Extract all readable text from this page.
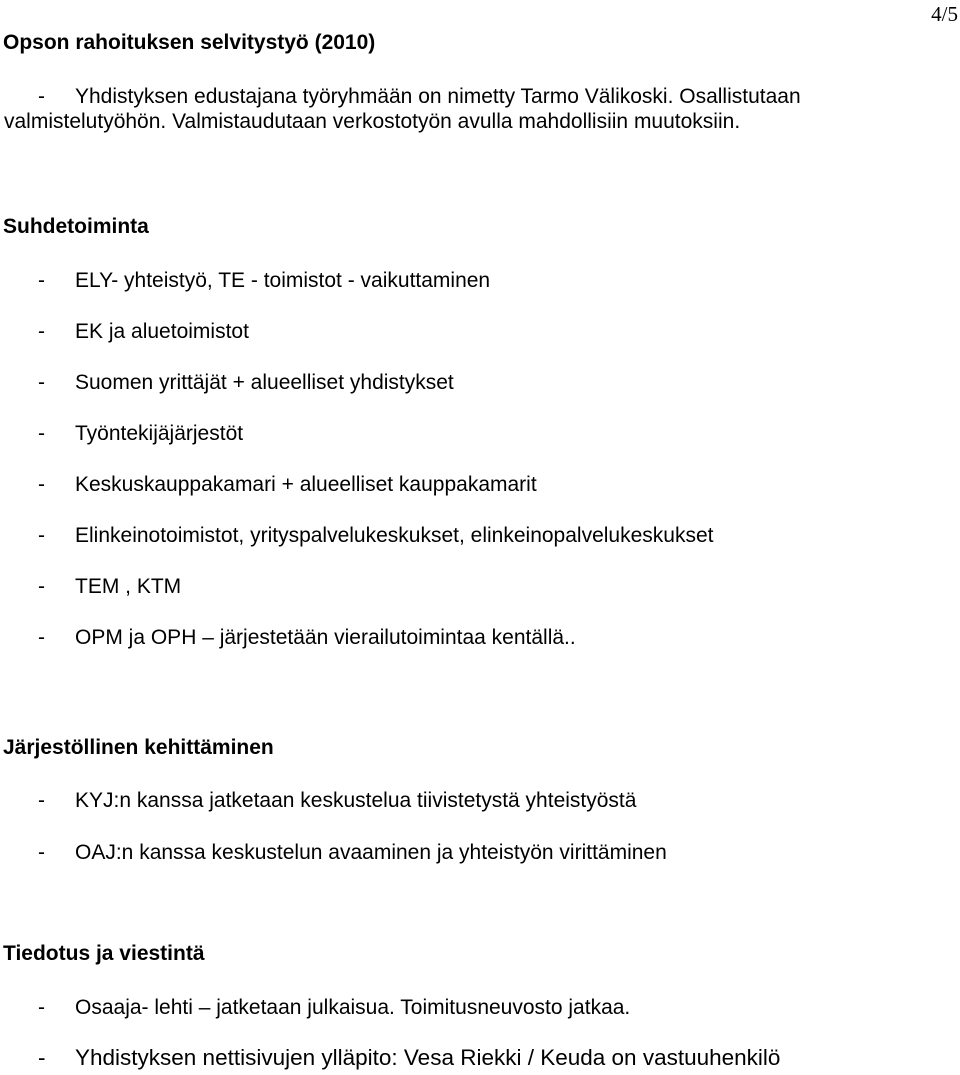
4/5
Opson rahoituksen selvitystyö (2010)
-	Yhdistyksen edustajana työryhmään on nimetty Tarmo Välikoski. Osallistutaan
valmistelutyöhön. Valmistaudutaan verkostotyön avulla mahdollisiin muutoksiin.
Suhdetoiminta
-	ELY- yhteistyö, TE - toimistot - vaikuttaminen
-	EK ja aluetoimistot
-	Suomen yrittäjät + alueelliset yhdistykset
-	Työntekijäjärjestöt
-	Keskuskauppakamari + alueelliset kauppakamarit
-	Elinkeinotoimistot, yrityspalvelukeskukset, elinkeinopalvelukeskukset
-	TEM , KTM
-	OPM ja OPH – järjestetään vierailutoimintaa kentällä..
Järjestöllinen kehittäminen
-	KYJ:n kanssa jatketaan keskustelua tiivistetystä yhteistyöstä
-	OAJ:n kanssa keskustelun avaaminen ja yhteistyön virittäminen
Tiedotus ja viestintä
-	Osaaja- lehti – jatketaan julkaisua. Toimitusneuvosto jatkaa.
-	Yhdistyksen nettisivujen ylläpito: Vesa Riekki / Keuda on vastuuhenkilö
